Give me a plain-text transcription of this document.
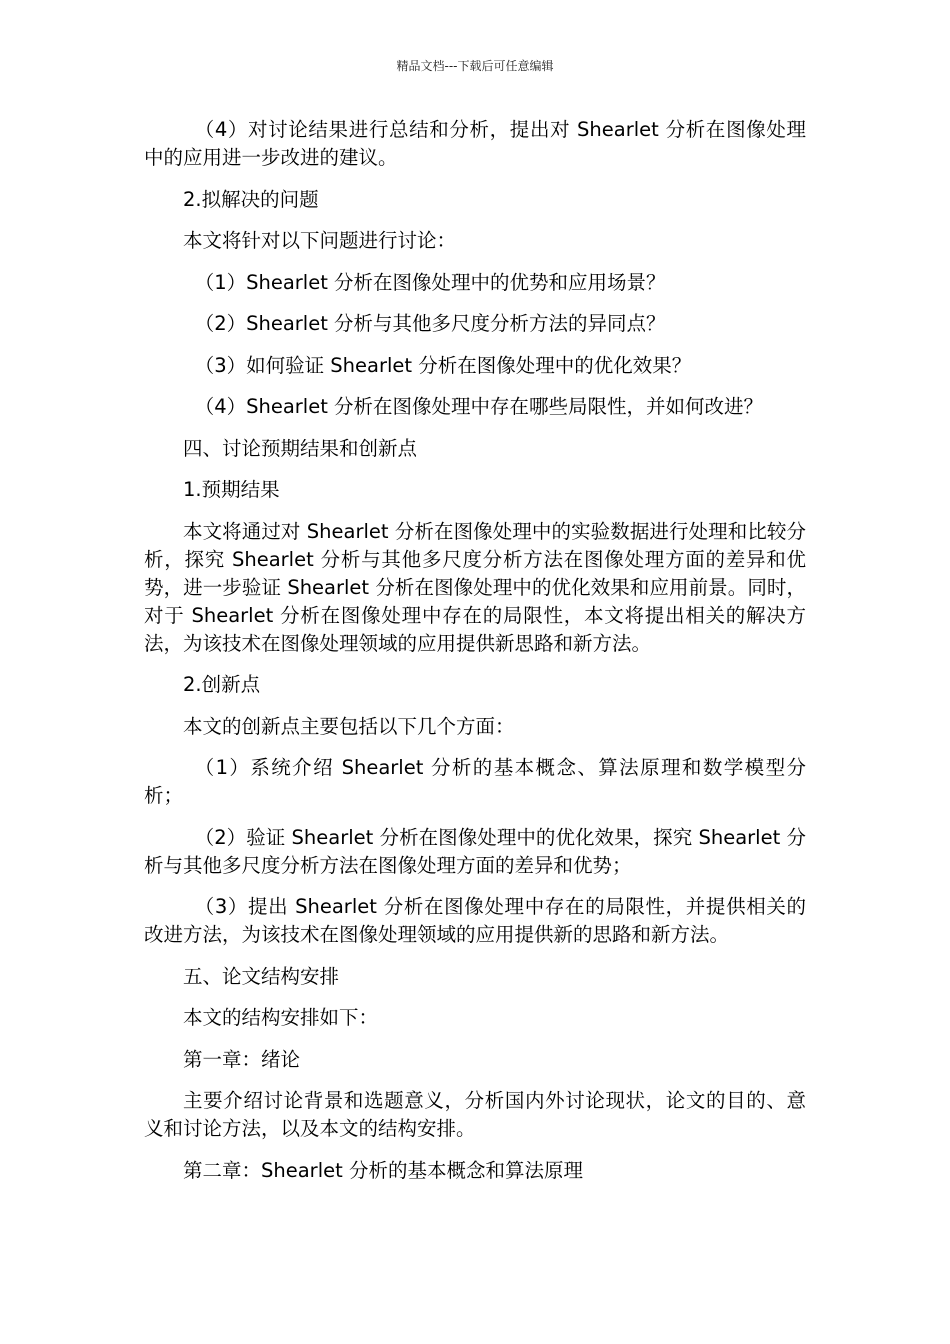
精品文档---下载后可任意编辑

（4）对讨论结果进行总结和分析，提出对 Shearlet 分析在图像处理中的应用进一步改进的建议。

2.拟解决的问题

本文将针对以下问题进行讨论：

（1）Shearlet 分析在图像处理中的优势和应用场景？

（2）Shearlet 分析与其他多尺度分析方法的异同点？

（3）如何验证 Shearlet 分析在图像处理中的优化效果？

（4）Shearlet 分析在图像处理中存在哪些局限性，并如何改进？

四、讨论预期结果和创新点

1.预期结果

本文将通过对 Shearlet 分析在图像处理中的实验数据进行处理和比较分析，探究 Shearlet 分析与其他多尺度分析方法在图像处理方面的差异和优势，进一步验证 Shearlet 分析在图像处理中的优化效果和应用前景。同时，对于 Shearlet 分析在图像处理中存在的局限性，本文将提出相关的解决方法，为该技术在图像处理领域的应用提供新思路和新方法。

2.创新点

本文的创新点主要包括以下几个方面：

（1）系统介绍 Shearlet 分析的基本概念、算法原理和数学模型分析；

（2）验证 Shearlet 分析在图像处理中的优化效果，探究 Shearlet 分析与其他多尺度分析方法在图像处理方面的差异和优势；

（3）提出 Shearlet 分析在图像处理中存在的局限性，并提供相关的改进方法，为该技术在图像处理领域的应用提供新的思路和新方法。

五、论文结构安排

本文的结构安排如下：

第一章：绪论

主要介绍讨论背景和选题意义，分析国内外讨论现状，论文的目的、意义和讨论方法，以及本文的结构安排。

第二章：Shearlet 分析的基本概念和算法原理
